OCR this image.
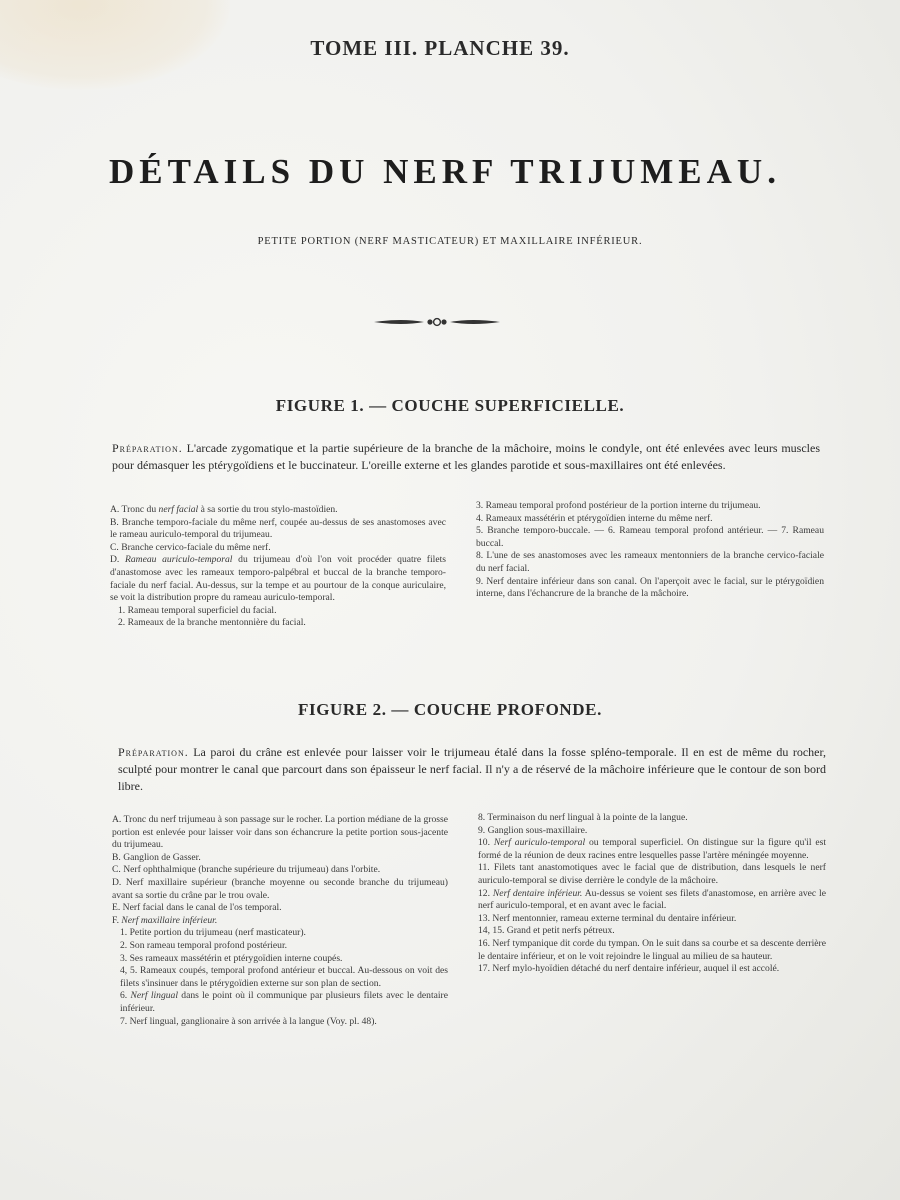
TOME III. PLANCHE 39.
DÉTAILS DU NERF TRIJUMEAU.
PETITE PORTION (NERF MASTICATEUR) ET MAXILLAIRE INFÉRIEUR.
FIGURE 1. — COUCHE SUPERFICIELLE.
Préparation. L'arcade zygomatique et la partie supérieure de la branche de la mâchoire, moins le condyle, ont été enlevées avec leurs muscles pour démasquer les ptérygoïdiens et le buccinateur. L'oreille externe et les glandes parotide et sous-maxillaires ont été enlevées.

A. Tronc du nerf facial à sa sortie du trou stylo-mastoïdien.

B. Branche temporo-faciale du même nerf, coupée au-dessus de ses anastomoses avec le rameau auriculo-temporal du trijumeau.

C. Branche cervico-faciale du même nerf.

D. Rameau auriculo-temporal du trijumeau d'où l'on voit procéder quatre filets d'anastomose avec les rameaux temporo-palpébral et buccal de la branche temporo-faciale du nerf facial. Au-dessus, sur la tempe et au pourtour de la conque auriculaire, se voit la distribution propre du rameau auriculo-temporal.

1. Rameau temporal superficiel du facial.

2. Rameaux de la branche mentonnière du facial.

3. Rameau temporal profond postérieur de la portion interne du trijumeau.

4. Rameaux massétérin et ptérygoïdien interne du même nerf.

5. Branche temporo-buccale. — 6. Rameau temporal profond antérieur. — 7. Rameau buccal.

8. L'une de ses anastomoses avec les rameaux mentonniers de la branche cervico-faciale du nerf facial.

9. Nerf dentaire inférieur dans son canal. On l'aperçoit avec le facial, sur le ptérygoïdien interne, dans l'échancrure de la branche de la mâchoire.

FIGURE 2. — COUCHE PROFONDE.
Préparation. La paroi du crâne est enlevée pour laisser voir le trijumeau étalé dans la fosse spléno-temporale. Il en est de même du rocher, sculpté pour montrer le canal que parcourt dans son épaisseur le nerf facial. Il n'y a de réservé de la mâchoire inférieure que le contour de son bord libre.

A. Tronc du nerf trijumeau à son passage sur le rocher. La portion médiane de la grosse portion est enlevée pour laisser voir dans son échancrure la petite portion sous-jacente du trijumeau.

B. Ganglion de Gasser.

C. Nerf ophthalmique (branche supérieure du trijumeau) dans l'orbite.

D. Nerf maxillaire supérieur (branche moyenne ou seconde branche du trijumeau) avant sa sortie du crâne par le trou ovale.

E. Nerf facial dans le canal de l'os temporal.

F. Nerf maxillaire inférieur.

1. Petite portion du trijumeau (nerf masticateur).

2. Son rameau temporal profond postérieur.

3. Ses rameaux massétérin et ptérygoïdien interne coupés.

4, 5. Rameaux coupés, temporal profond antérieur et buccal. Au-dessous on voit des filets s'insinuer dans le ptérygoïdien externe sur son plan de section.

6. Nerf lingual dans le point où il communique par plusieurs filets avec le dentaire inférieur.

7. Nerf lingual, ganglionaire à son arrivée à la langue (Voy. pl. 48).

8. Terminaison du nerf lingual à la pointe de la langue.

9. Ganglion sous-maxillaire.

10. Nerf auriculo-temporal ou temporal superficiel. On distingue sur la figure qu'il est formé de la réunion de deux racines entre lesquelles passe l'artère méningée moyenne.

11. Filets tant anastomotiques avec le facial que de distribution, dans lesquels le nerf auriculo-temporal se divise derrière le condyle de la mâchoire.

12. Nerf dentaire inférieur. Au-dessus se voient ses filets d'anastomose, en arrière avec le nerf auriculo-temporal, et en avant avec le facial.

13. Nerf mentonnier, rameau externe terminal du dentaire inférieur.

14, 15. Grand et petit nerfs pétreux.

16. Nerf tympanique dit corde du tympan. On le suit dans sa courbe et sa descente derrière le dentaire inférieur, et on le voit rejoindre le lingual au milieu de sa hauteur.

17. Nerf mylo-hyoïdien détaché du nerf dentaire inférieur, auquel il est accolé.
